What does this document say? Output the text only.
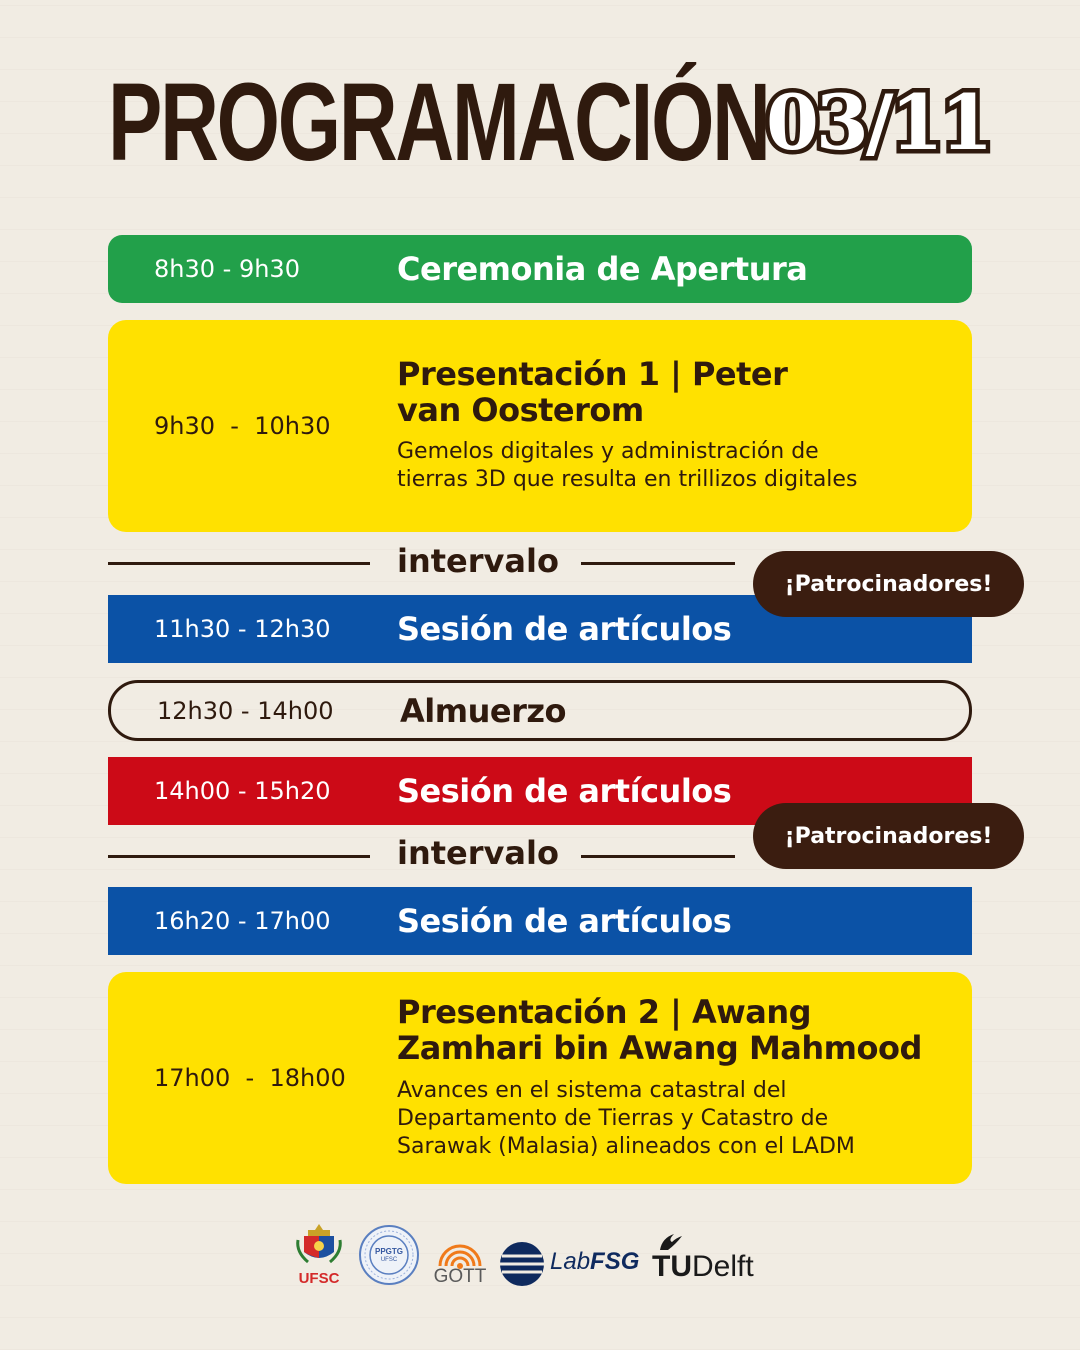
PROGRAMACIÓN
03/11
8h30 - 9h30	Ceremonia de Apertura
9h30  -  10h30

Presentación 1 | Peter

van Oosterom

Gemelos digitales y administración de

tierras 3D que resulta en trillizos digitales

intervalo
11h30 - 12h30 Sesión de artículos
¡Patrocinadores!
12h30 - 14h00 Almuerzo
14h00 - 15h20 Sesión de artículos
intervalo	¡Patrocinadores!
16h20 - 17h00 Sesión de artículos
17h00  -  18h00

Presentación 2 | Awang

Zamhari bin Awang Mahmood

Avances en el sistema catastral del

Departamento de Tierras y Catastro de

Sarawak (Malasia) alineados con el LADM

UFSC
PPGTG
UFSC
GOTT
LabFSG TUDelft
